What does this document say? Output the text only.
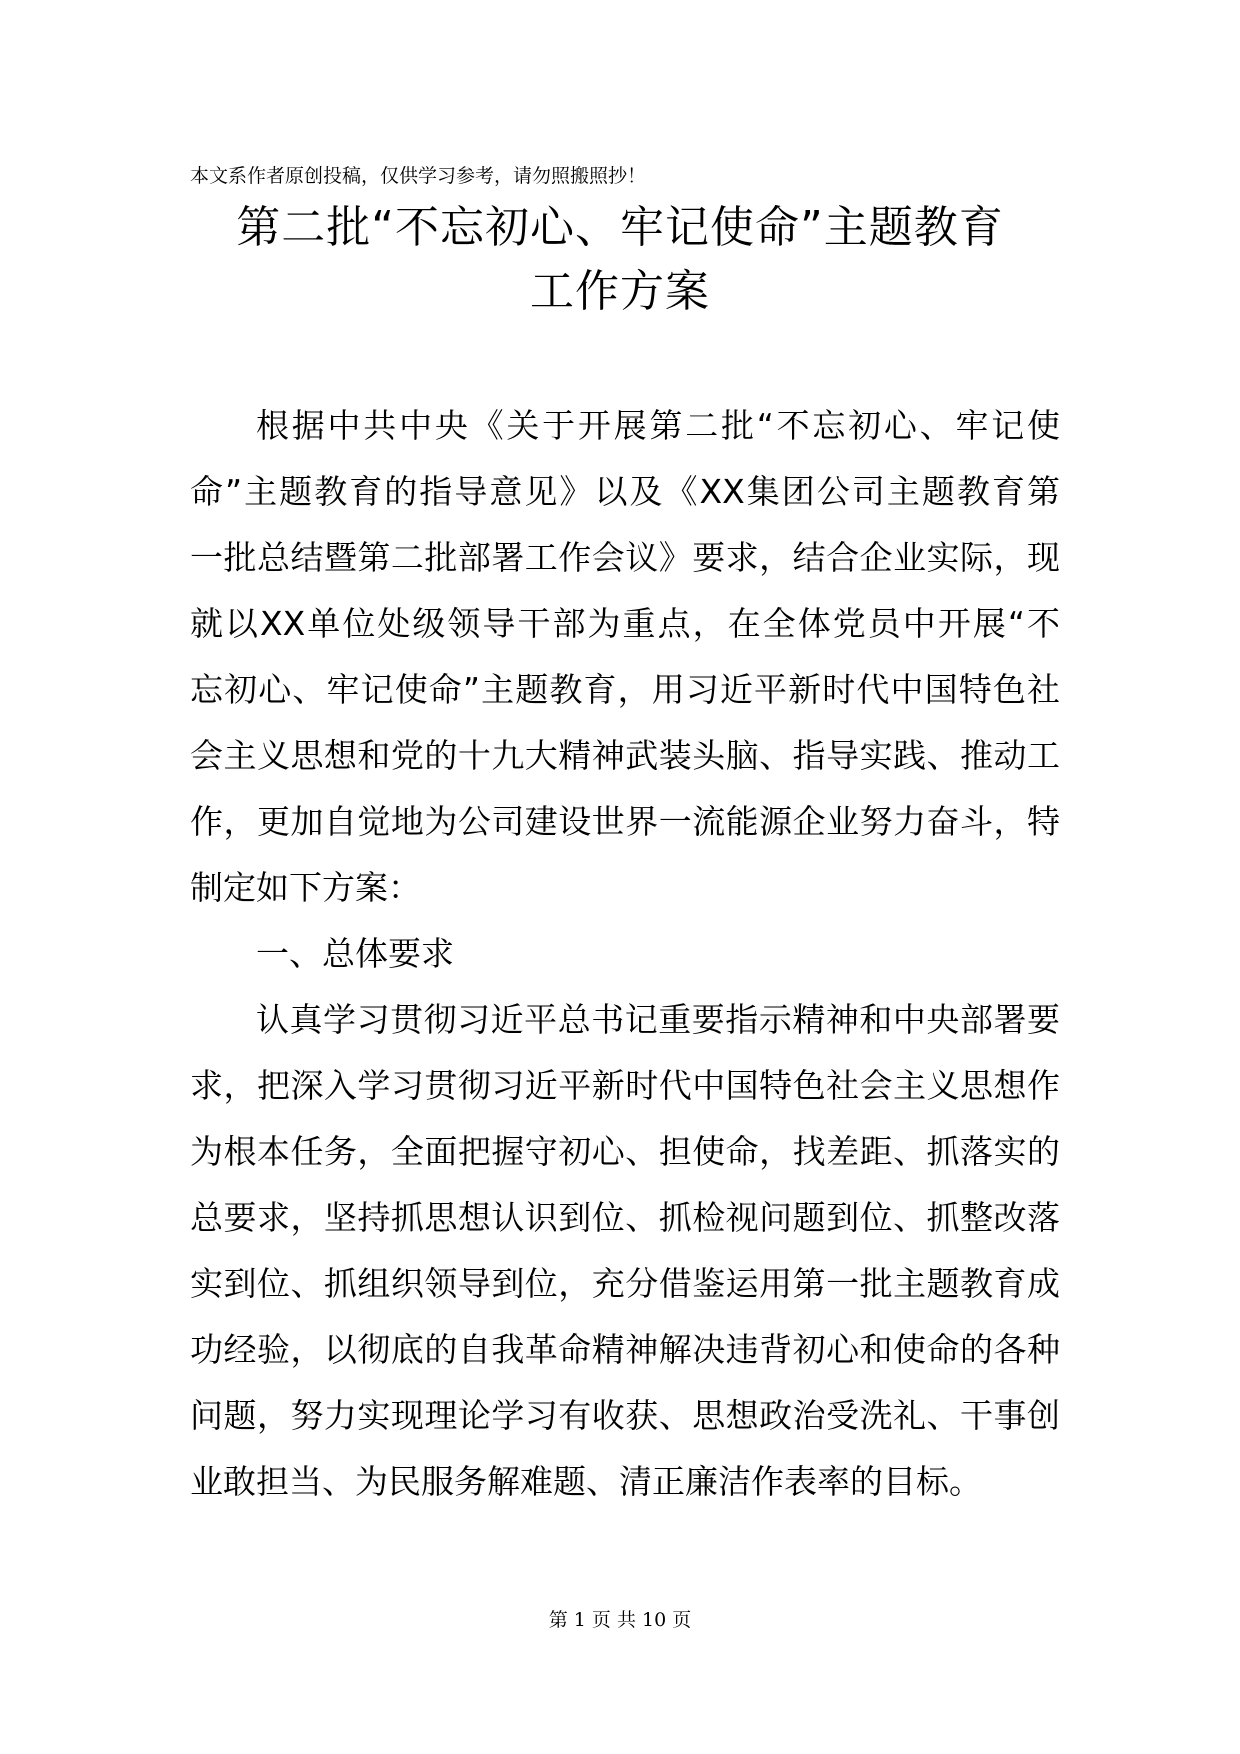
本文系作者原创投稿，仅供学习参考，请勿照搬照抄！
第二批“不忘初心、牢记使命”主题教育
工作方案
根据中共中央《关于开展第二批“不忘初心、牢记使
命”主题教育的指导意见》以及《XX集团公司主题教育第
一批总结暨第二批部署工作会议》要求，结合企业实际，现
就以XX单位处级领导干部为重点，在全体党员中开展“不
忘初心、牢记使命”主题教育，用习近平新时代中国特色社
会主义思想和党的十九大精神武装头脑、指导实践、推动工
作，更加自觉地为公司建设世界一流能源企业努力奋斗，特
制定如下方案：
一、总体要求
认真学习贯彻习近平总书记重要指示精神和中央部署要
求，把深入学习贯彻习近平新时代中国特色社会主义思想作
为根本任务，全面把握守初心、担使命，找差距、抓落实的
总要求，坚持抓思想认识到位、抓检视问题到位、抓整改落
实到位、抓组织领导到位，充分借鉴运用第一批主题教育成
功经验，以彻底的自我革命精神解决违背初心和使命的各种
问题，努力实现理论学习有收获、思想政治受洗礼、干事创
业敢担当、为民服务解难题、清正廉洁作表率的目标。
第 1 页 共 10 页
